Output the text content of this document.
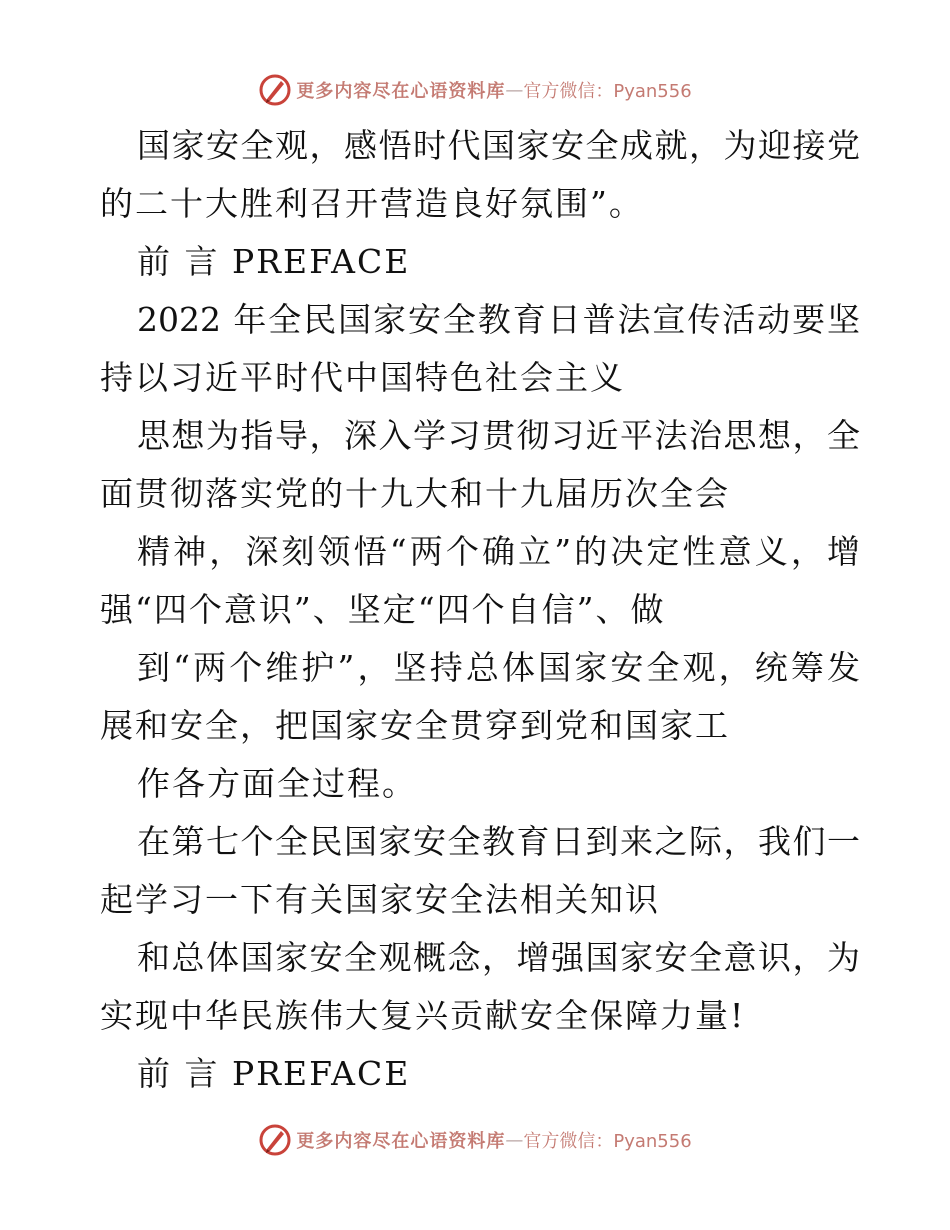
更多内容尽在心语资料库 — 官方微信：Pyan556
国家安全观，感悟时代国家安全成就，为迎接党
的二十大胜利召开营造良好氛围”。
前 言 PREFACE
2022 年全民国家安全教育日普法宣传活动要坚
持以习近平时代中国特色社会主义
思想为指导，深入学习贯彻习近平法治思想，全
面贯彻落实党的十九大和十九届历次全会
精神，深刻领悟“两个确立”的决定性意义，增
强“四个意识”、坚定“四个自信”、做
到“两个维护”，坚持总体国家安全观，统筹发
展和安全，把国家安全贯穿到党和国家工
作各方面全过程。
在第七个全民国家安全教育日到来之际，我们一
起学习一下有关国家安全法相关知识
和总体国家安全观概念，增强国家安全意识，为
实现中华民族伟大复兴贡献安全保障力量!
前 言 PREFACE
更多内容尽在心语资料库 — 官方微信：Pyan556
